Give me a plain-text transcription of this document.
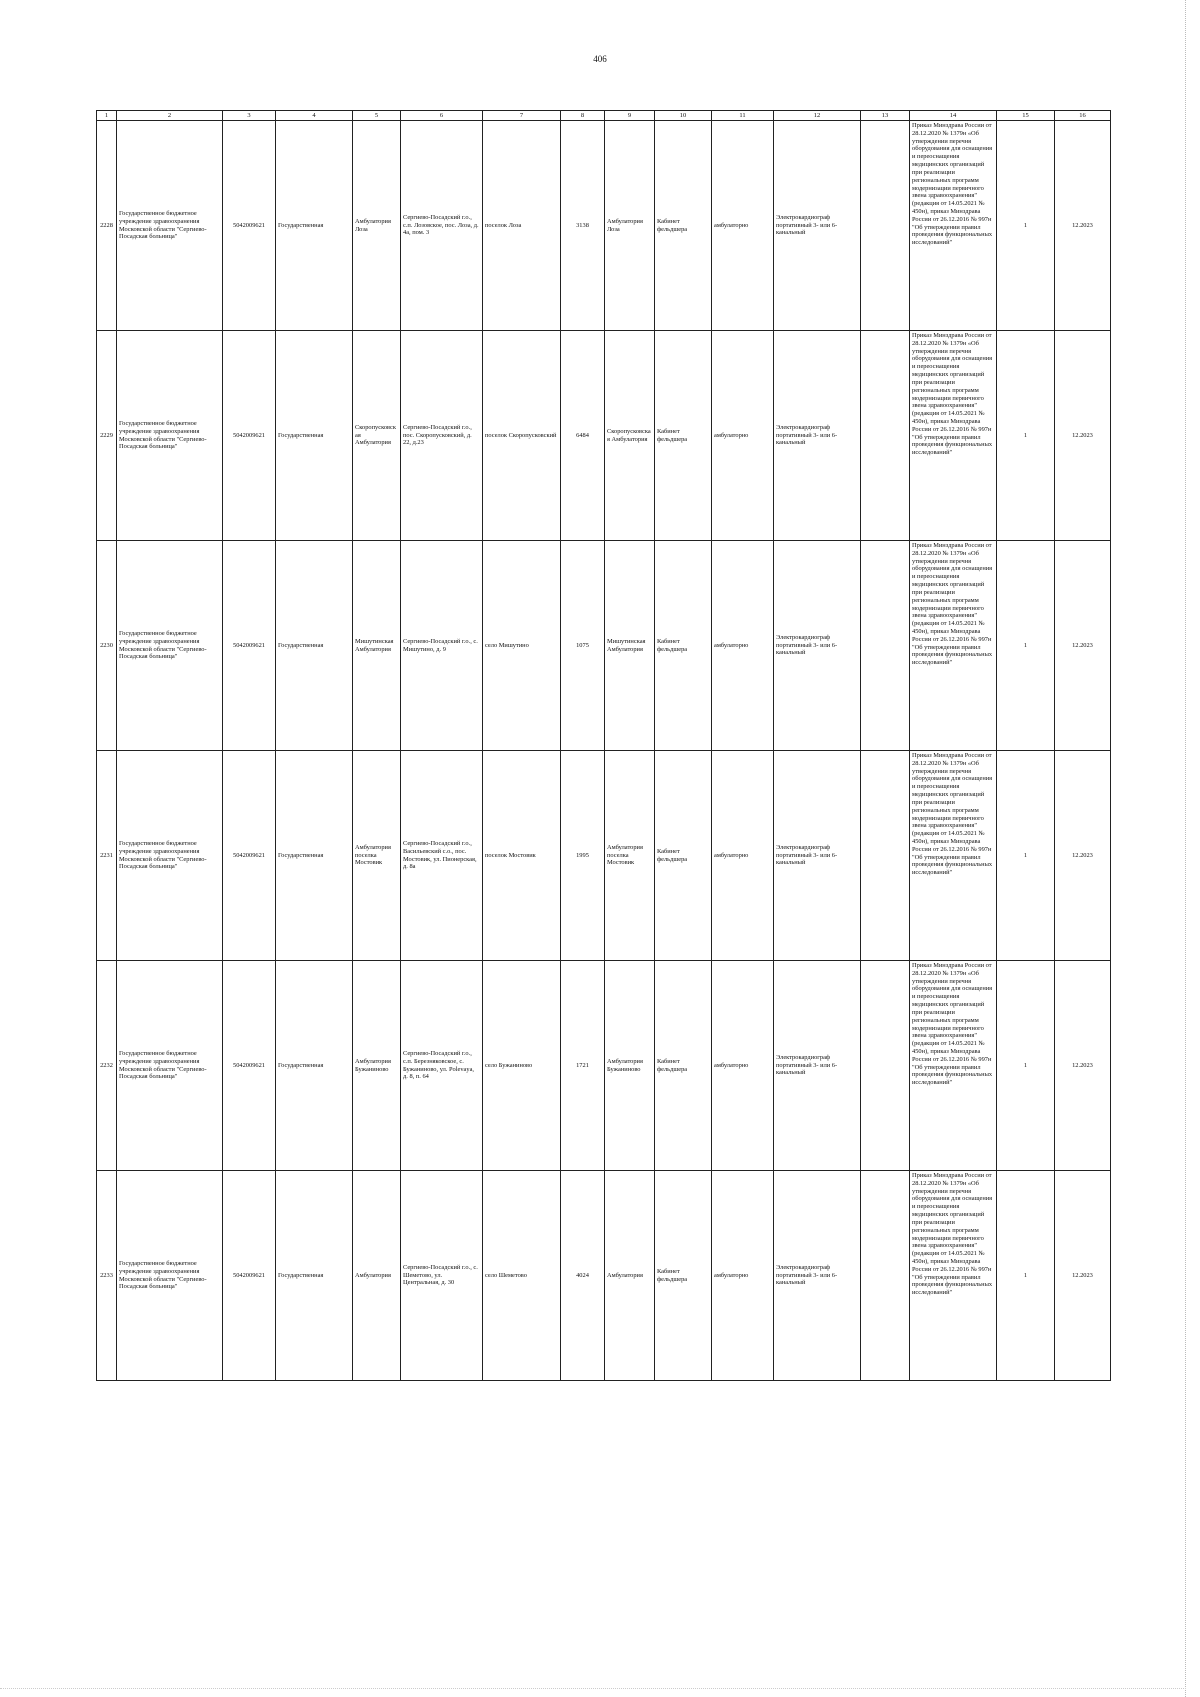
406
1	2	3	4	5	6	7	8	9	10	11	12	13	14	15	16
2228	Государственное бюджетное учреждение здравоохранения Московской области "Сергиево-Посадская больница"	5042009621	Государственная	Амбулатория Лоза	Сергиево-Посадский г.о., с.п. Лозовское, пос. Лоза, д. 4а, пом. 3	поселок Лоза	3138	Амбулатория Лоза	Кабинет фельдшера	амбулаторно	Электрокардиограф портативный 3- или 6-канальный		Приказ Минздрава России от 28.12.2020 № 1379н «Об утверждении перечня оборудования для оснащения и переоснащения медицинских организаций при реализации региональных программ модернизации первичного звена здравоохранения"(редакция от 14.05.2021 № 450н), приказ Минздрава России от 26.12.2016 № 997н "Об утверждении правил проведения функциональных исследований"	1	12.2023
2229	Государственное бюджетное учреждение здравоохранения Московской области "Сергиево-Посадская больница"	5042009621	Государственная	Скоропусковская Амбулатория	Сергиево-Посадский г.о., пос. Скоропусковский, д. 22, д.23	поселок Скоропусковский	6484	Скоропусковская Амбулатория	Кабинет фельдшера	амбулаторно	Электрокардиограф портативный 3- или 6-канальный		Приказ Минздрава России от 28.12.2020 № 1379н «Об утверждении перечня оборудования для оснащения и переоснащения медицинских организаций при реализации региональных программ модернизации первичного звена здравоохранения"(редакция от 14.05.2021 № 450н), приказ Минздрава России от 26.12.2016 № 997н "Об утверждении правил проведения функциональных исследований"	1	12.2023
2230	Государственное бюджетное учреждение здравоохранения Московской области "Сергиево-Посадская больница"	5042009621	Государственная	Мишутинская Амбулатория	Сергиево-Посадский г.о., с. Мишутино, д. 9	село Мишутино	1075	Мишутинская Амбулатория	Кабинет фельдшера	амбулаторно	Электрокардиограф портативный 3- или 6-канальный		Приказ Минздрава России от 28.12.2020 № 1379н «Об утверждении перечня оборудования для оснащения и переоснащения медицинских организаций при реализации региональных программ модернизации первичного звена здравоохранения"(редакция от 14.05.2021 № 450н), приказ Минздрава России от 26.12.2016 № 997н "Об утверждении правил проведения функциональных исследований"	1	12.2023
2231	Государственное бюджетное учреждение здравоохранения Московской области "Сергиево-Посадская больница"	5042009621	Государственная	Амбулатория поселка Мостовик	Сергиево-Посадский г.о., Васильевский с.о., пос. Мостовик, ул. Пионерская, д. 8а	поселок Мостовик	1995	Амбулатория поселка Мостовик	Кабинет фельдшера	амбулаторно	Электрокардиограф портативный 3- или 6-канальный		Приказ Минздрава России от 28.12.2020 № 1379н «Об утверждении перечня оборудования для оснащения и переоснащения медицинских организаций при реализации региональных программ модернизации первичного звена здравоохранения"(редакция от 14.05.2021 № 450н), приказ Минздрава России от 26.12.2016 № 997н "Об утверждении правил проведения функциональных исследований"	1	12.2023
2232	Государственное бюджетное учреждение здравоохранения Московской области "Сергиево-Посадская больница"	5042009621	Государственная	Амбулатория Бужаниново	Сергиево-Посадский г.о., с.п. Березняковское, с. Бужаниново, ул. Polevaya, д. 8, п. 64	село Бужаниново	1721	Амбулатория Бужаниново	Кабинет фельдшера	амбулаторно	Электрокардиограф портативный 3- или 6-канальный		Приказ Минздрава России от 28.12.2020 № 1379н «Об утверждении перечня оборудования для оснащения и переоснащения медицинских организаций при реализации региональных программ модернизации первичного звена здравоохранения"(редакция от 14.05.2021 № 450н), приказ Минздрава России от 26.12.2016 № 997н "Об утверждении правил проведения функциональных исследований"	1	12.2023
2233	Государственное бюджетное учреждение здравоохранения Московской области "Сергиево-Посадская больница"	5042009621	Государственная	Амбулатория	Сергиево-Посадский г.о., с. Шеметово, ул. Центральная, д. 30	село Шеметово	4024	Амбулатория	Кабинет фельдшера	амбулаторно	Электрокардиограф портативный 3- или 6-канальный		Приказ Минздрава России от 28.12.2020 № 1379н «Об утверждении перечня оборудования для оснащения и переоснащения медицинских организаций при реализации региональных программ модернизации первичного звена здравоохранения"(редакция от 14.05.2021 № 450н), приказ Минздрава России от 26.12.2016 № 997н "Об утверждении правил проведения функциональных исследований"	1	12.2023
